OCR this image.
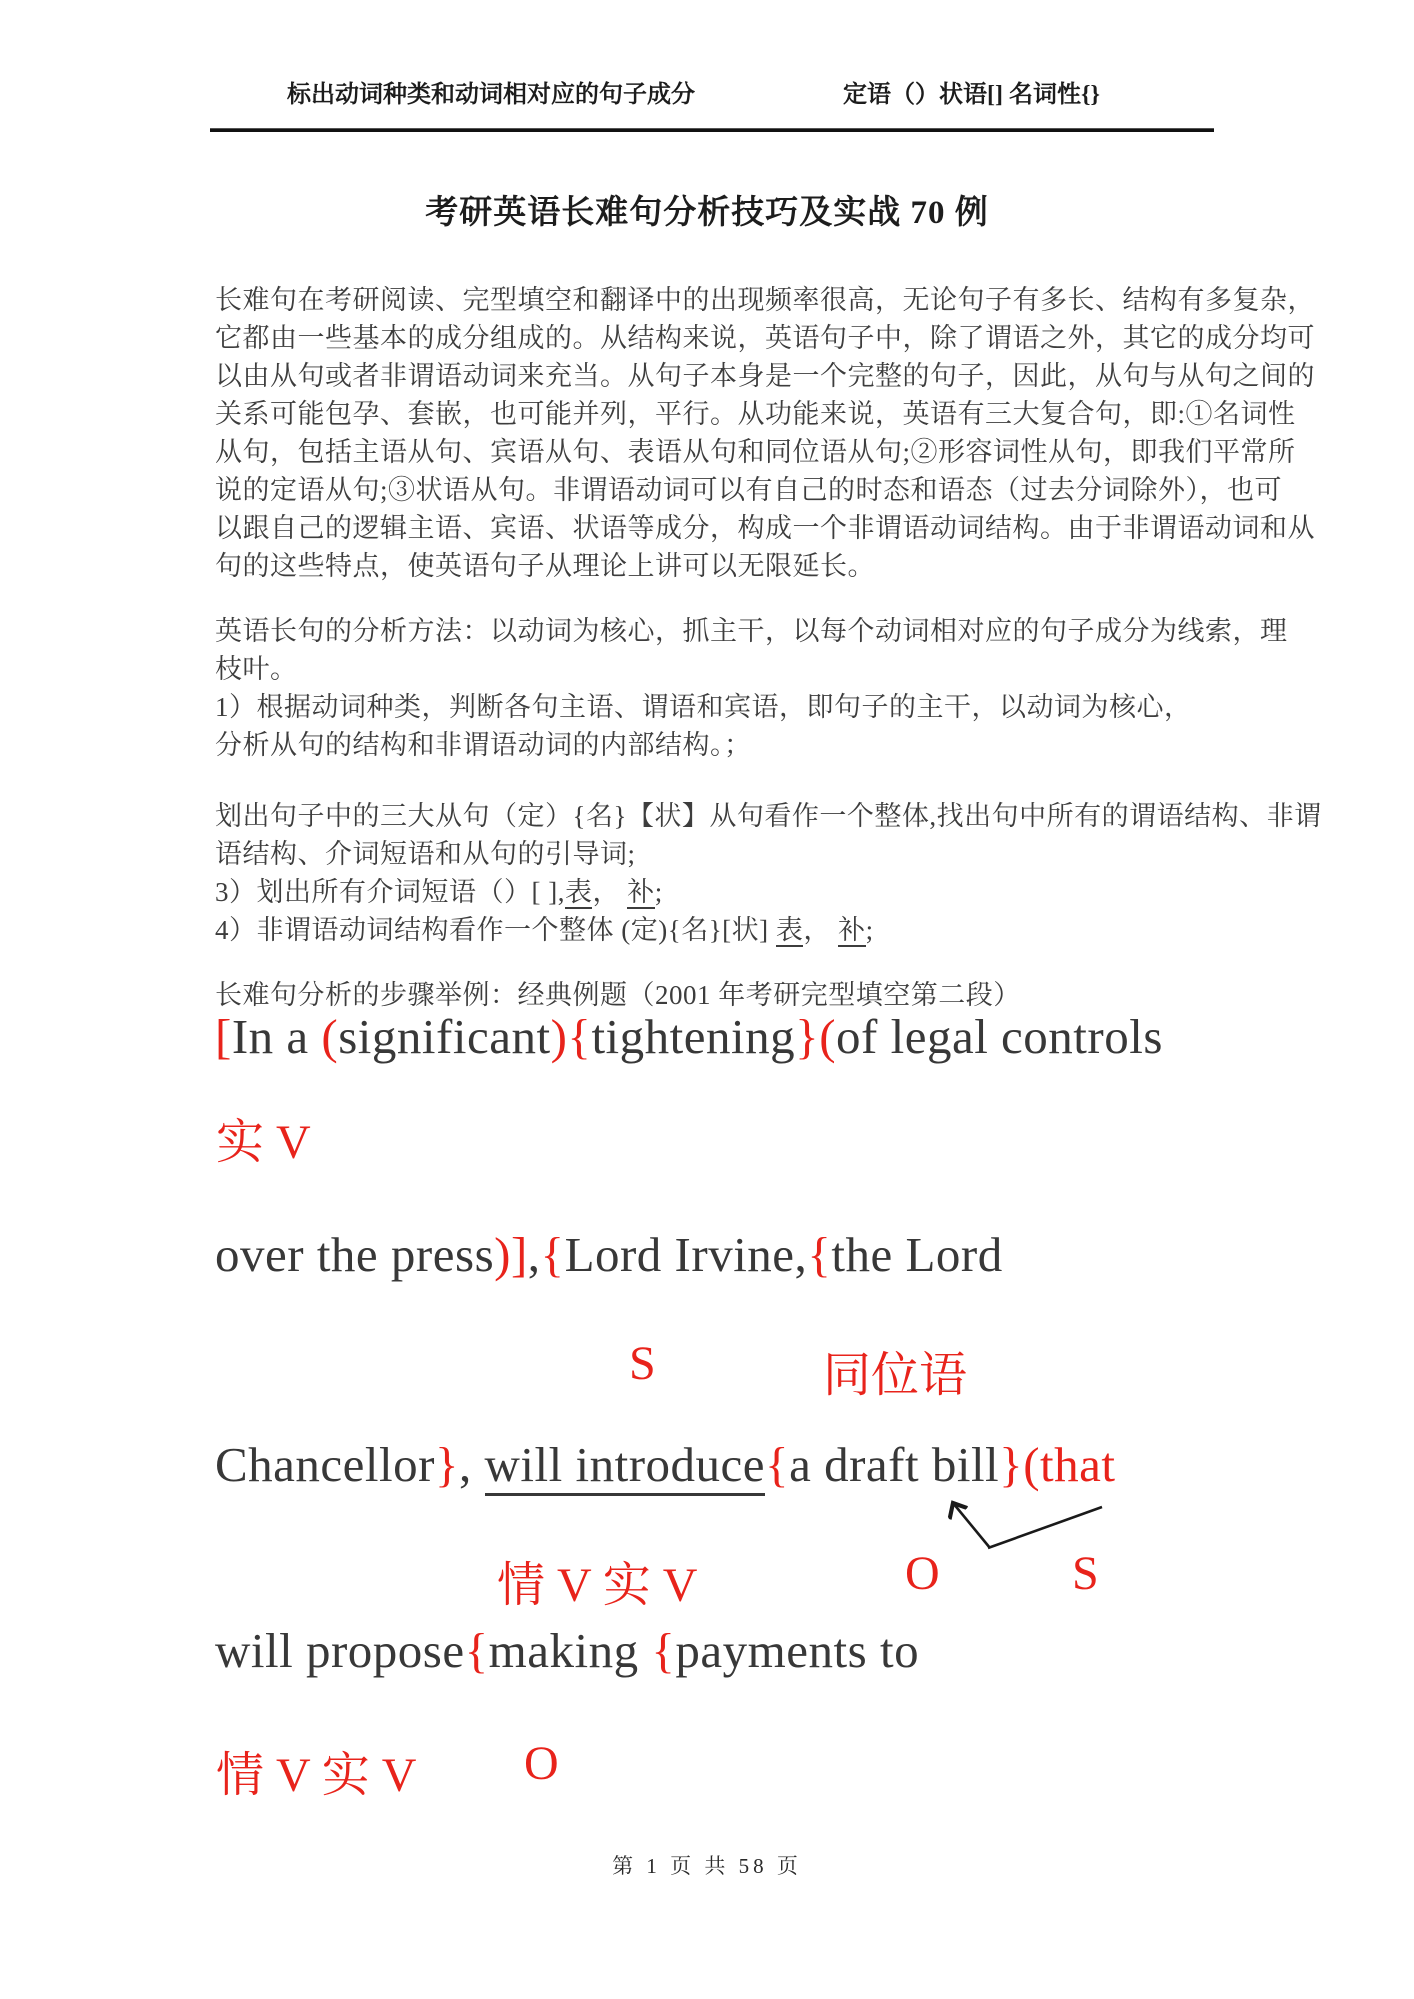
标出动词种类和动词相对应的句子成分	定语（）状语[] 名词性{}
考研英语长难句分析技巧及实战 70 例
长难句在考研阅读、完型填空和翻译中的出现频率很高，无论句子有多长、结构有多复杂，
它都由一些基本的成分组成的。从结构来说，英语句子中，除了谓语之外，其它的成分均可
以由从句或者非谓语动词来充当。从句子本身是一个完整的句子，因此，从句与从句之间的
关系可能包孕、套嵌，也可能并列，平行。从功能来说，英语有三大复合句，即:①名词性
从句，包括主语从句、宾语从句、表语从句和同位语从句;②形容词性从句，即我们平常所
说的定语从句;③状语从句。非谓语动词可以有自己的时态和语态（过去分词除外），也可
以跟自己的逻辑主语、宾语、状语等成分，构成一个非谓语动词结构。由于非谓语动词和从
句的这些特点，使英语句子从理论上讲可以无限延长。
英语长句的分析方法：以动词为核心，抓主干，以每个动词相对应的句子成分为线索，理
枝叶。
1）根据动词种类，判断各句主语、谓语和宾语，即句子的主干，以动词为核心，
分析从句的结构和非谓语动词的内部结构。；
划出句子中的三大从句（定）{名}【状】从句看作一个整体,找出句中所有的谓语结构、非谓
语结构、介词短语和从句的引导词;
3）划出所有介词短语（）[ ],表， 补;
4）非谓语动词结构看作一个整体 (定){名}[状] 表， 补;
长难句分析的步骤举例：经典例题（2001 年考研完型填空第二段）
[In a (significant){tightening}(of legal controls
实 V
over the press)],{Lord Irvine,{the Lord
S	同位语
Chancellor}, will introduce{a draft bill}(that
情 V 实 V	O	S
will propose{making {payments to
情 V 实 V O
第 1 页 共 58 页
